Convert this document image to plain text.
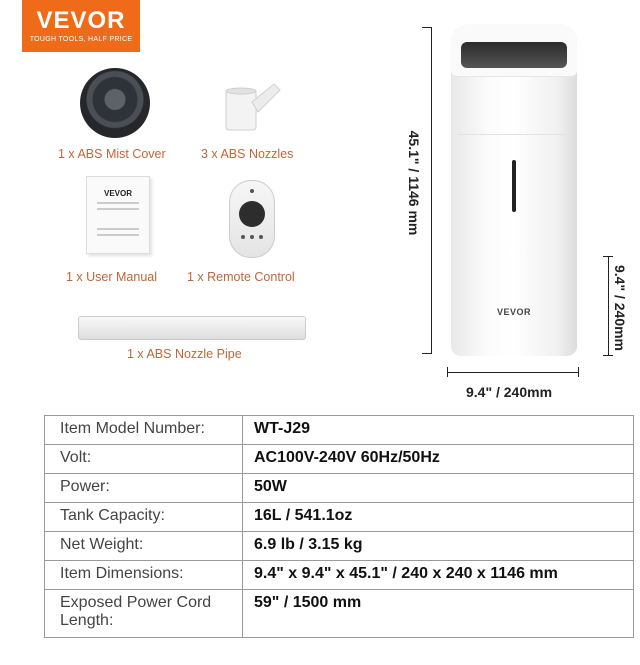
VEVOR
TOUGH TOOLS, HALF PRICE
1 x ABS Mist Cover	3 x ABS Nozzles
VEVOR
1 x User Manual 1 x Remote Control
1 x ABS Nozzle Pipe
VEVOR
45.1" / 1146 mm
9.4" / 240mm
9.4" / 240mm
Item Model Number:	WT-J29
Volt:	AC100V-240V 60Hz/50Hz
Power:	50W
Tank Capacity:	16L / 541.1oz
Net Weight:	6.9 lb / 3.15 kg
Item Dimensions:	9.4" x 9.4" x 45.1" / 240 x 240 x 1146 mm
Exposed Power Cord Length:	59" / 1500 mm
